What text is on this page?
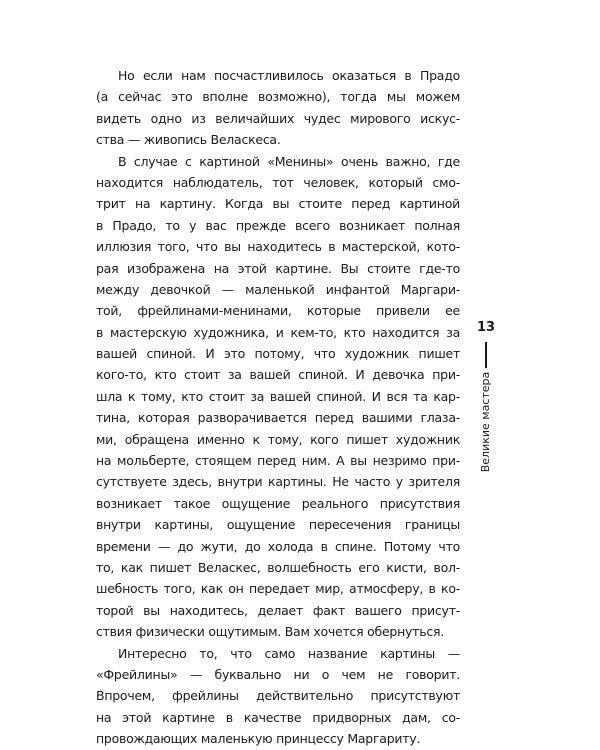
Но если нам посчастливилось оказаться в Прадо
(а сейчас это вполне возможно), тогда мы можем
видеть одно из величайших чудес мирового искус-
ства — живопись Веласкеса.

В случае с картиной «Менины» очень важно, где
находится наблюдатель, тот человек, который смо-
трит на картину. Когда вы стоите перед картиной
в Прадо, то у вас прежде всего возникает полная
иллюзия того, что вы находитесь в мастерской, кото-
рая изображена на этой картине. Вы стоите где-то
между девочкой — маленькой инфантой Маргари-
той, фрейлинами-менинами, которые привели ее
в мастерскую художника, и кем-то, кто находится за
вашей спиной. И это потому, что художник пишет
кого-то, кто стоит за вашей спиной. И девочка при-
шла к тому, кто стоит за вашей спиной. И вся та кар-
тина, которая разворачивается перед вашими глаза-
ми, обращена именно к тому, кого пишет художник
на мольберте, стоящем перед ним. А вы незримо при-
сутствуете здесь, внутри картины. Не часто у зрителя
возникает такое ощущение реального присутствия
внутри картины, ощущение пересечения границы
времени — до жути, до холода в спине. Потому что
то, как пишет Веласкес, волшебность его кисти, вол-
шебность того, как он передает мир, атмосферу, в ко-
торой вы находитесь, делает факт вашего присут-
ствия физически ощутимым. Вам хочется обернуться.

Интересно то, что само название картины —
«Фрейлины» — буквально ни о чем не говорит.
Впрочем, фрейлины действительно присутствуют
на этой картине в качестве придворных дам, со-
провождающих маленькую принцессу Маргариту.

13
Великие мастера
